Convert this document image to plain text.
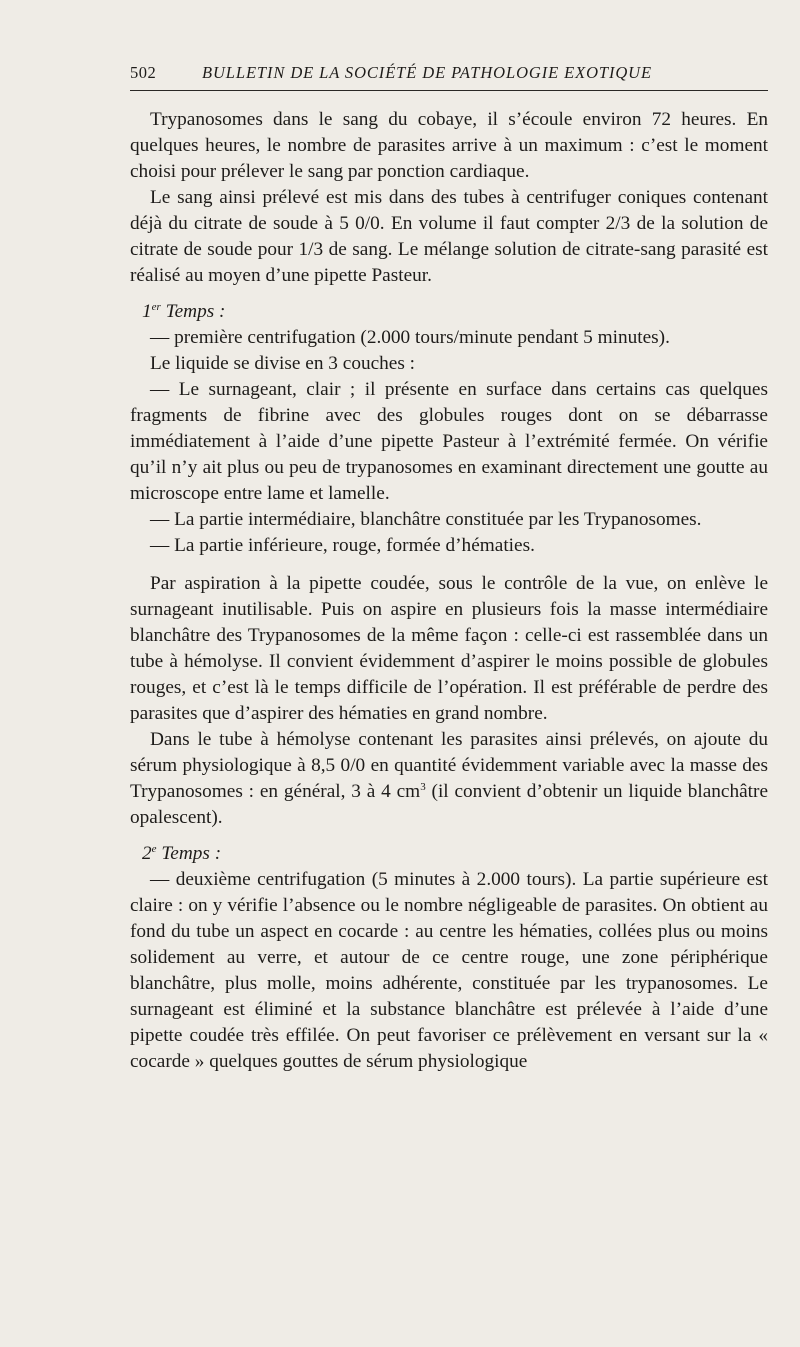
502	BULLETIN DE LA SOCIÉTÉ DE PATHOLOGIE EXOTIQUE

Trypanosomes dans le sang du cobaye, il s’écoule environ 72 heures. En quelques heures, le nombre de parasites arrive à un maximum : c’est le moment choisi pour prélever le sang par ponction cardiaque.

Le sang ainsi prélevé est mis dans des tubes à centrifuger coniques contenant déjà du citrate de soude à 5 0/0. En volume il faut compter 2/3 de la solution de citrate de soude pour 1/3 de sang. Le mélange solution de citrate-sang parasité est réalisé au moyen d’une pipette Pasteur.

1er Temps :

— première centrifugation (2.000 tours/minute pendant 5 minutes).

Le liquide se divise en 3 couches :

— Le surnageant, clair ; il présente en surface dans certains cas quelques fragments de fibrine avec des globules rouges dont on se débarrasse immédiatement à l’aide d’une pipette Pasteur à l’extrémité fermée. On vérifie qu’il n’y ait plus ou peu de trypanosomes en examinant directement une goutte au microscope entre lame et lamelle.

— La partie intermédiaire, blanchâtre constituée par les Trypanosomes.

— La partie inférieure, rouge, formée d’hématies.

Par aspiration à la pipette coudée, sous le contrôle de la vue, on enlève le surnageant inutilisable. Puis on aspire en plusieurs fois la masse intermédiaire blanchâtre des Trypanosomes de la même façon : celle-ci est rassemblée dans un tube à hémolyse. Il convient évidemment d’aspirer le moins possible de globules rouges, et c’est là le temps difficile de l’opération. Il est préférable de perdre des parasites que d’aspirer des hématies en grand nombre.

Dans le tube à hémolyse contenant les parasites ainsi prélevés, on ajoute du sérum physiologique à 8,5 0/0 en quantité évidemment variable avec la masse des Trypanosomes : en général, 3 à 4 $cm^3$ (il convient d’obtenir un liquide blanchâtre opalescent).

2e Temps :

— deuxième centrifugation (5 minutes à 2.000 tours). La partie supérieure est claire : on y vérifie l’absence ou le nombre négligeable de parasites. On obtient au fond du tube un aspect en cocarde : au centre les hématies, collées plus ou moins solidement au verre, et autour de ce centre rouge, une zone périphérique blanchâtre, plus molle, moins adhérente, constituée par les trypanosomes. Le surnageant est éliminé et la substance blanchâtre est prélevée à l’aide d’une pipette coudée très effilée. On peut favoriser ce prélèvement en versant sur la « cocarde » quelques gouttes de sérum physiologique
